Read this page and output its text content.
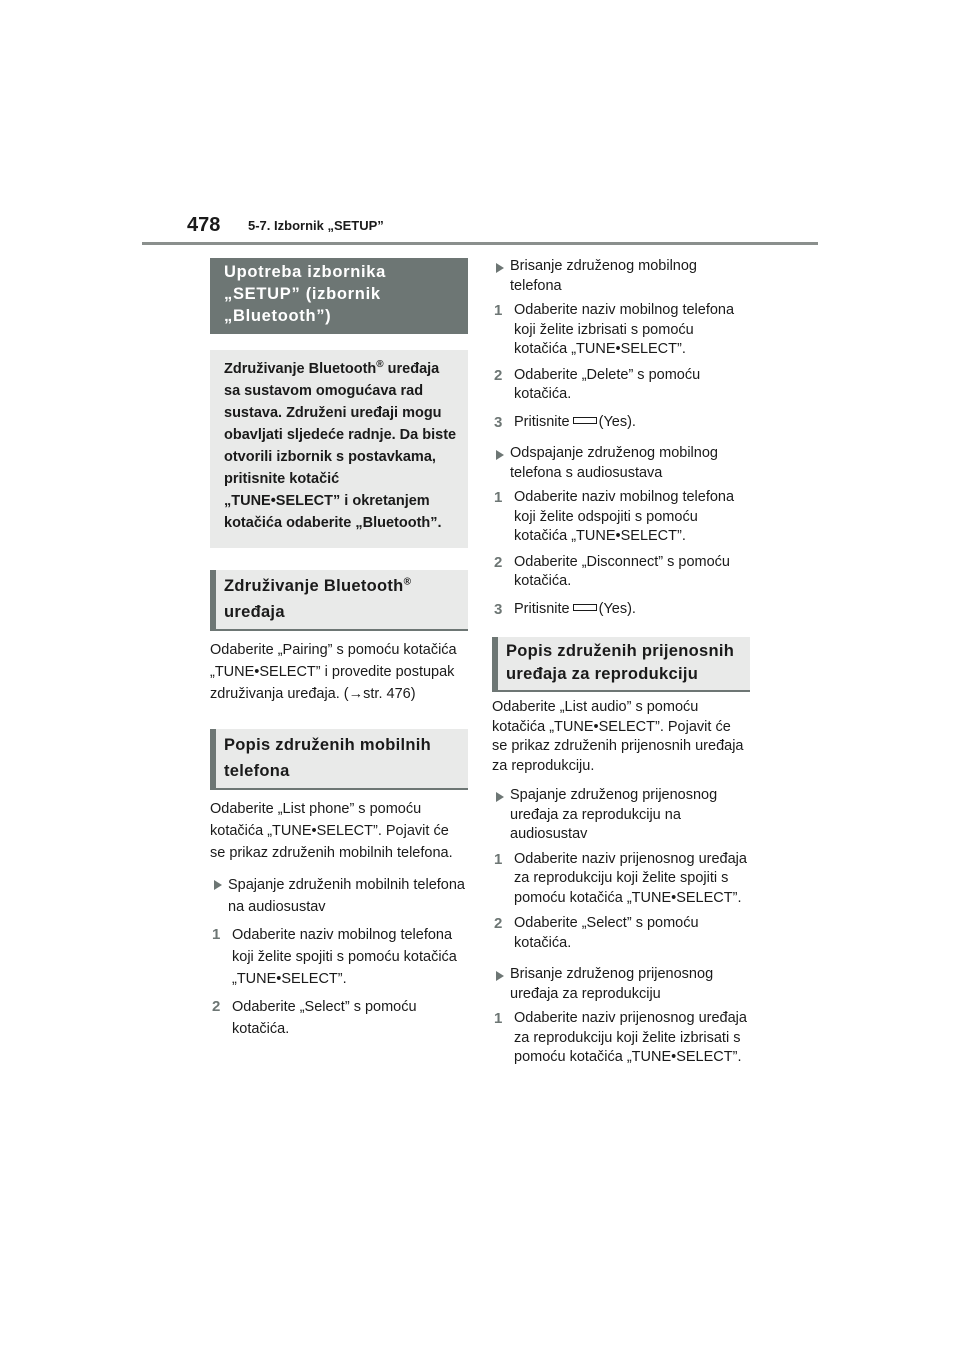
478 5-7. Izbornik „SETUP”
Upotreba izbornika „SETUP” (izbornik „Bluetooth”)
Združivanje Bluetooth® uređaja sa sustavom omogućava rad sustava. Združeni uređaji mogu obavljati sljedeće radnje. Da biste otvorili izbornik s postavkama, pritisnite kotačić „TUNE•SELECT” i okretanjem kotačića odaberite „Bluetooth”.
Združivanje Bluetooth®
uređaja

Odaberite „Pairing” s pomoću kotačića „TUNE•SELECT” i provedite postupak združivanja uređaja. (→str. 476)

Popis združenih mobilnih telefona

Odaberite „List phone” s pomoću kotačića „TUNE•SELECT”. Pojavit će se prikaz združenih mobilnih telefona.

Spajanje združenih mobilnih telefona na audiosustav
1 Odaberite naziv mobilnog telefona koji želite spojiti s pomoću kotačića „TUNE•SELECT”.
2 Odaberite „Select” s pomoću kotačića.
Brisanje združenog mobilnog telefona
1 Odaberite naziv mobilnog telefona koji želite izbrisati s pomoću kotačića „TUNE•SELECT”.
2 Odaberite „Delete” s pomoću kotačića.
3 Pritisnite (Yes).
Odspajanje združenog mobilnog telefona s audiosustava
1 Odaberite naziv mobilnog telefona koji želite odspojiti s pomoću kotačića „TUNE•SELECT”.
2 Odaberite „Disconnect” s pomoću kotačića.
3 Pritisnite (Yes).
Popis združenih prijenosnih uređaja za reprodukciju

Odaberite „List audio” s pomoću kotačića „TUNE•SELECT”. Pojavit će se prikaz združenih prijenosnih uređaja za reprodukciju.

Spajanje združenog prijenosnog uređaja za reprodukciju na audiosustav
1 Odaberite naziv prijenosnog uređaja za reprodukciju koji želite spojiti s pomoću kotačića „TUNE•SELECT”.
2 Odaberite „Select” s pomoću kotačića.
Brisanje združenog prijenosnog uređaja za reprodukciju
1 Odaberite naziv prijenosnog uređaja za reprodukciju koji želite izbrisati s pomoću kotačića „TUNE•SELECT”.
